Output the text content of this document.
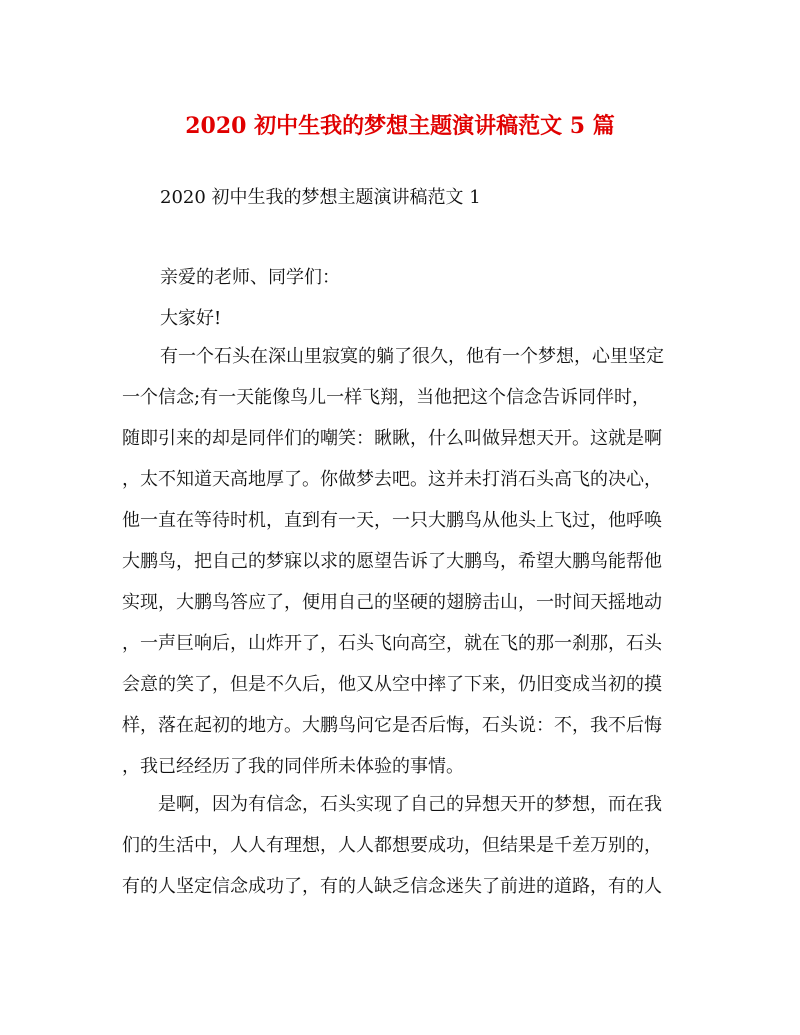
2020 初中生我的梦想主题演讲稿范文 5 篇
2020 初中生我的梦想主题演讲稿范文 1
亲爱的老师、同学们：
大家好!
有一个石头在深山里寂寞的躺了很久，他有一个梦想，心里坚定
一个信念;有一天能像鸟儿一样飞翔，当他把这个信念告诉同伴时，
随即引来的却是同伴们的嘲笑：瞅瞅，什么叫做异想天开。这就是啊
，太不知道天高地厚了。你做梦去吧。这并未打消石头高飞的决心，
他一直在等待时机，直到有一天，一只大鹏鸟从他头上飞过，他呼唤
大鹏鸟，把自己的梦寐以求的愿望告诉了大鹏鸟，希望大鹏鸟能帮他
实现，大鹏鸟答应了，便用自己的坚硬的翅膀击山，一时间天摇地动
，一声巨响后，山炸开了，石头飞向高空，就在飞的那一刹那，石头
会意的笑了，但是不久后，他又从空中摔了下来，仍旧变成当初的摸
样，落在起初的地方。大鹏鸟问它是否后悔，石头说：不，我不后悔
，我已经经历了我的同伴所未体验的事情。
是啊，因为有信念，石头实现了自己的异想天开的梦想，而在我
们的生活中，人人有理想，人人都想要成功，但结果是千差万别的，
有的人坚定信念成功了，有的人缺乏信念迷失了前进的道路，有的人
